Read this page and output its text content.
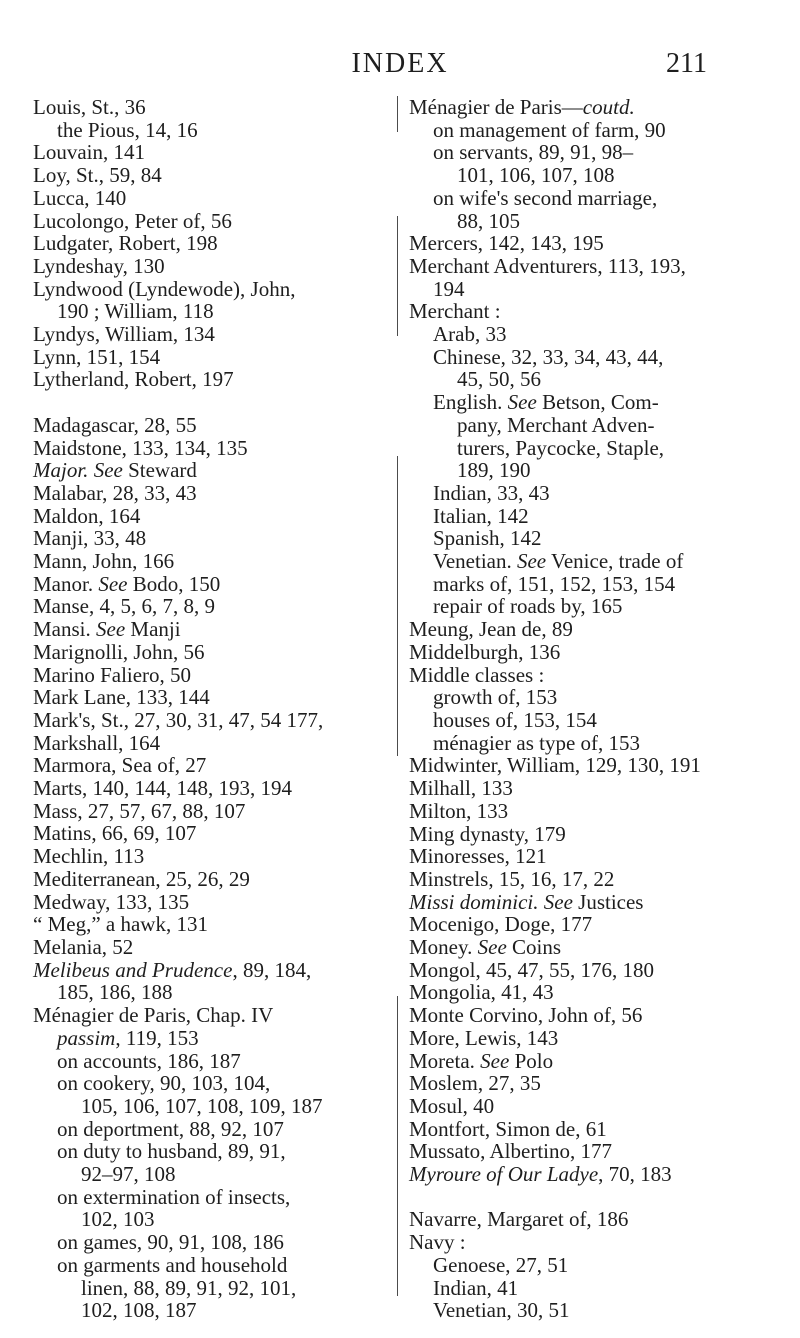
INDEX	211
Louis, St., 36
the Pious, 14, 16
Louvain, 141
Loy, St., 59, 84
Lucca, 140
Lucolongo, Peter of, 56
Ludgater, Robert, 198
Lyndeshay, 130
Lyndwood (Lyndewode), John,
190 ; William, 118
Lyndys, William, 134
Lynn, 151, 154
Lytherland, Robert, 197
Madagascar, 28, 55
Maidstone, 133, 134, 135
Major. See Steward
Malabar, 28, 33, 43
Maldon, 164
Manji, 33, 48
Mann, John, 166
Manor. See Bodo, 150
Manse, 4, 5, 6, 7, 8, 9
Mansi. See Manji
Marignolli, John, 56
Marino Faliero, 50
Mark Lane, 133, 144
Mark's, St., 27, 30, 31, 47, 54 177,
Markshall, 164
Marmora, Sea of, 27
Marts, 140, 144, 148, 193, 194
Mass, 27, 57, 67, 88, 107
Matins, 66, 69, 107
Mechlin, 113
Mediterranean, 25, 26, 29
Medway, 133, 135
“ Meg,” a hawk, 131
Melania, 52
Melibeus and Prudence, 89, 184,
185, 186, 188
Ménagier de Paris, Chap. IV
passim, 119, 153
on accounts, 186, 187
on cookery, 90, 103, 104,
105, 106, 107, 108, 109, 187
on deportment, 88, 92, 107
on duty to husband, 89, 91,
92–97, 108
on extermination of insects,
102, 103
on games, 90, 91, 108, 186
on garments and household
linen, 88, 89, 91, 92, 101,
102, 108, 187
Ménagier de Paris—coutd.
on management of farm, 90
on servants, 89, 91, 98–
101, 106, 107, 108
on wife's second marriage,
88, 105
Mercers, 142, 143, 195
Merchant Adventurers, 113, 193,
194
Merchant :
Arab, 33
Chinese, 32, 33, 34, 43, 44,
45, 50, 56
English. See Betson, Com-
pany, Merchant Adven-
turers, Paycocke, Staple,
189, 190
Indian, 33, 43
Italian, 142
Spanish, 142
Venetian. See Venice, trade of
marks of, 151, 152, 153, 154
repair of roads by, 165
Meung, Jean de, 89
Middelburgh, 136
Middle classes :
growth of, 153
houses of, 153, 154
ménagier as type of, 153
Midwinter, William, 129, 130, 191
Milhall, 133
Milton, 133
Ming dynasty, 179
Minoresses, 121
Minstrels, 15, 16, 17, 22
Missi dominici. See Justices
Mocenigo, Doge, 177
Money. See Coins
Mongol, 45, 47, 55, 176, 180
Mongolia, 41, 43
Monte Corvino, John of, 56
More, Lewis, 143
Moreta. See Polo
Moslem, 27, 35
Mosul, 40
Montfort, Simon de, 61
Mussato, Albertino, 177
Myroure of Our Ladye, 70, 183
Navarre, Margaret of, 186
Navy :
Genoese, 27, 51
Indian, 41
Venetian, 30, 51
